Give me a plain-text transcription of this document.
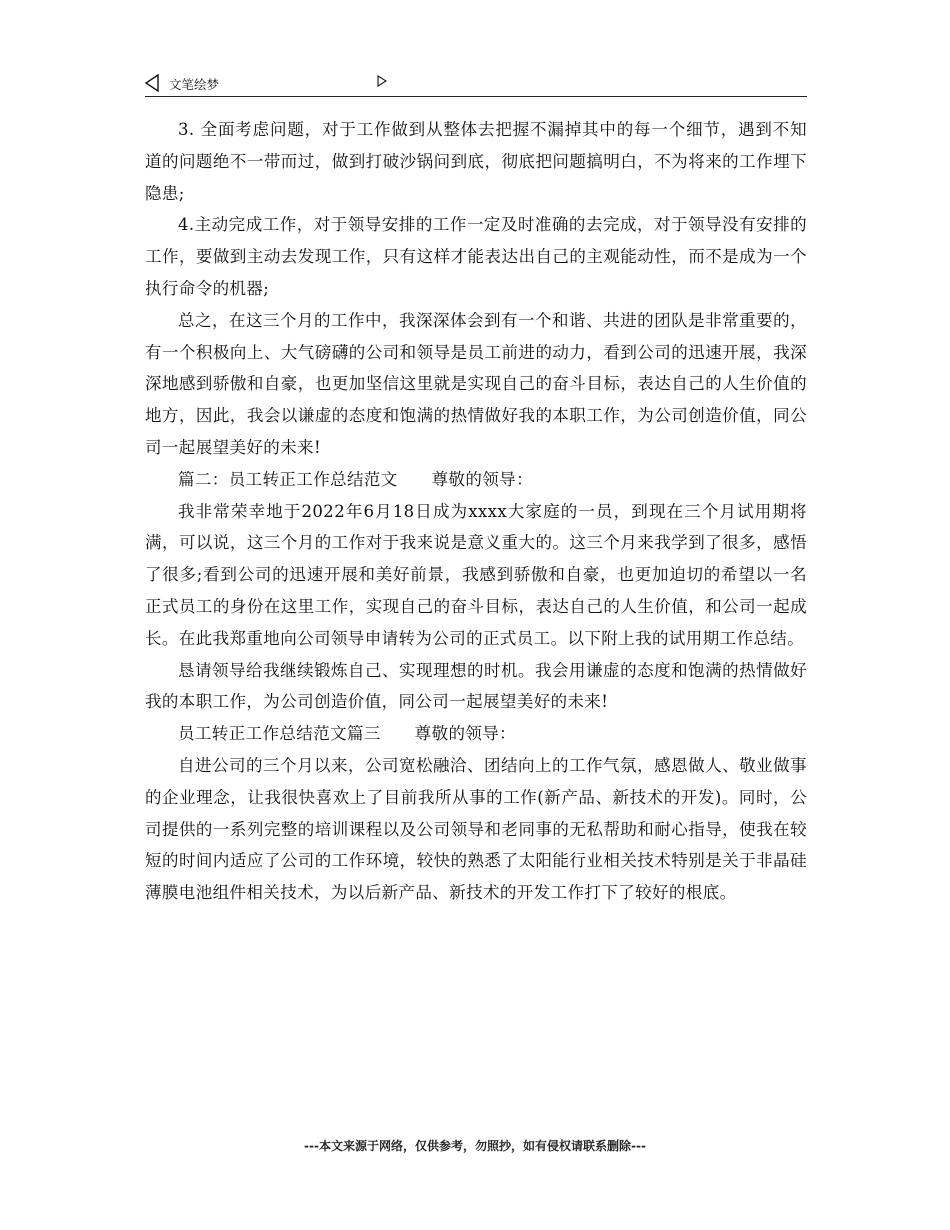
文笔绘梦

3. 全面考虑问题，对于工作做到从整体去把握不漏掉其中的每一个细节，遇到不知道的问题绝不一带而过，做到打破沙锅问到底，彻底把问题搞明白，不为将来的工作埋下隐患;

4.主动完成工作，对于领导安排的工作一定及时准确的去完成，对于领导没有安排的工作，要做到主动去发现工作，只有这样才能表达出自己的主观能动性，而不是成为一个执行命令的机器;

总之，在这三个月的工作中，我深深体会到有一个和谐、共进的团队是非常重要的，有一个积极向上、大气磅礴的公司和领导是员工前进的动力，看到公司的迅速开展，我深深地感到骄傲和自豪，也更加坚信这里就是实现自己的奋斗目标，表达自己的人生价值的地方，因此，我会以谦虚的态度和饱满的热情做好我的本职工作，为公司创造价值，同公司一起展望美好的未来!

篇二：员工转正工作总结范文      尊敬的领导：

我非常荣幸地于2022年6月18日成为xxxx大家庭的一员，到现在三个月试用期将满，可以说，这三个月的工作对于我来说是意义重大的。这三个月来我学到了很多，感悟了很多;看到公司的迅速开展和美好前景，我感到骄傲和自豪，也更加迫切的希望以一名正式员工的身份在这里工作，实现自己的奋斗目标，表达自己的人生价值，和公司一起成长。在此我郑重地向公司领导申请转为公司的正式员工。以下附上我的试用期工作总结。

恳请领导给我继续锻炼自己、实现理想的时机。我会用谦虚的态度和饱满的热情做好我的本职工作，为公司创造价值，同公司一起展望美好的未来!

员工转正工作总结范文篇三      尊敬的领导：

自进公司的三个月以来，公司宽松融洽、团结向上的工作气氛，感恩做人、敬业做事的企业理念，让我很快喜欢上了目前我所从事的工作(新产品、新技术的开发)。同时，公司提供的一系列完整的培训课程以及公司领导和老同事的无私帮助和耐心指导，使我在较短的时间内适应了公司的工作环境，较快的熟悉了太阳能行业相关技术特别是关于非晶硅薄膜电池组件相关技术，为以后新产品、新技术的开发工作打下了较好的根底。

---本文来源于网络，仅供参考，勿照抄，如有侵权请联系删除---
